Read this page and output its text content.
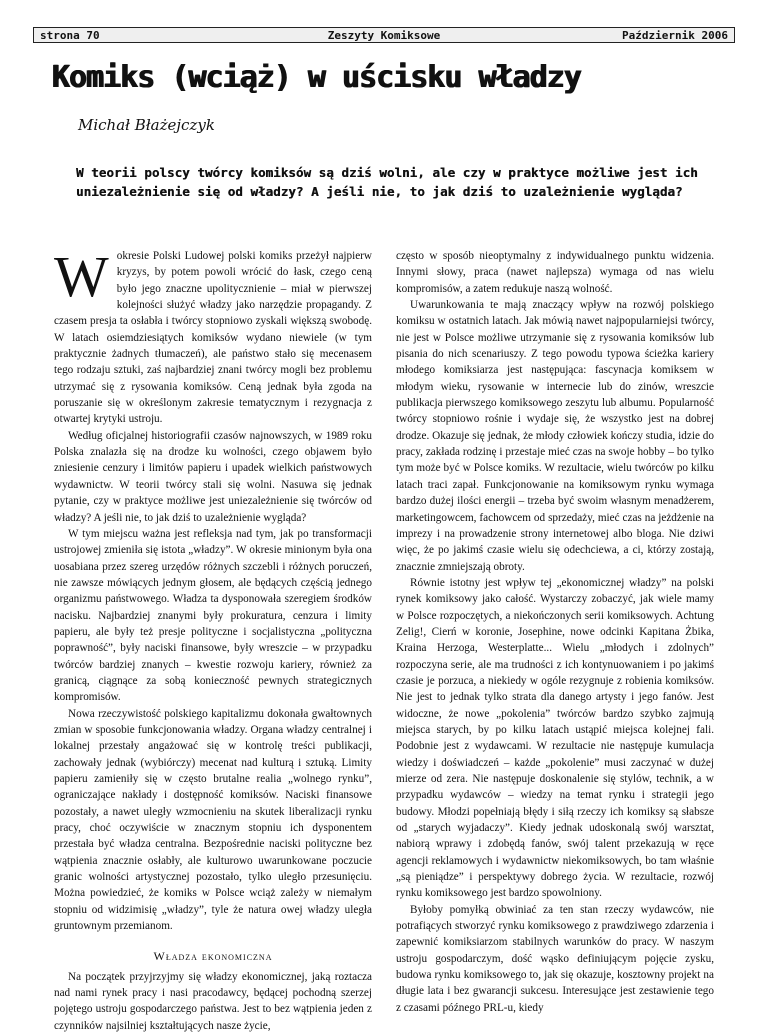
Zeszyty Komiksowe
strona 70	Październik 2006
Komiks (wciąż) w uścisku władzy
Michał Błażejczyk

W teorii polscy twórcy komiksów są dziś wolni, ale czy w praktyce możliwe jest ich uniezależnienie się od władzy? A jeśli nie, to jak dziś to uzależnienie wygląda?

Wokresie Polski Ludowej polski komiks przeżył najpierw kryzys, by potem powoli wrócić do łask, czego ceną było jego znaczne upolitycznienie – miał w pierwszej kolejności służyć władzy jako narzędzie propagandy. Z czasem presja ta osłabła i twórcy stopniowo zyskali większą swobodę. W latach osiemdziesiątych komiksów wydano niewiele (w tym praktycznie żadnych tłumaczeń), ale państwo stało się mecenasem tego rodzaju sztuki, zaś najbardziej znani twórcy mogli bez problemu utrzymać się z rysowania komiksów. Ceną jednak była zgoda na poruszanie się w określonym zakresie tematycznym i rezygnacja z otwartej krytyki ustroju.

Według oficjalnej historiografii czasów najnowszych, w 1989 roku Polska znalazła się na drodze ku wolności, czego objawem było zniesienie cenzury i limitów papieru i upadek wielkich państwowych wydawnictw. W teorii twórcy stali się wolni. Nasuwa się jednak pytanie, czy w praktyce możliwe jest uniezależnienie się twórców od władzy? A jeśli nie, to jak dziś to uzależnienie wygląda?

W tym miejscu ważna jest refleksja nad tym, jak po transformacji ustrojowej zmieniła się istota „władzy”. W okresie minionym była ona uosabiana przez szereg urzędów różnych szczebli i różnych poruczeń, nie zawsze mówiących jednym głosem, ale będących częścią jednego organizmu państwowego. Władza ta dysponowała szeregiem środków nacisku. Najbardziej znanymi były prokuratura, cenzura i limity papieru, ale były też presje polityczne i socjalistyczna „polityczna poprawność”, były naciski finansowe, były wreszcie – w przypadku twórców bardziej znanych – kwestie rozwoju kariery, również za granicą, ciągnące za sobą konieczność pewnych strategicznych kompromisów.

Nowa rzeczywistość polskiego kapitalizmu dokonała gwałtownych zmian w sposobie funkcjonowania władzy. Organa władzy centralnej i lokalnej przestały angażować się w kontrolę treści publikacji, zachowały jednak (wybiórczy) mecenat nad kulturą i sztuką. Limity papieru zamieniły się w często brutalne realia „wolnego rynku”, ograniczające nakłady i dostępność komiksów. Naciski finansowe pozostały, a nawet uległy wzmocnieniu na skutek liberalizacji rynku pracy, choć oczywiście w znacznym stopniu ich dysponentem przestała być władza centralna. Bezpośrednie naciski polityczne bez wątpienia znacznie osłabły, ale kulturowo uwarunkowane poczucie granic wolności artystycznej pozostało, tylko uległo przesunięciu. Można powiedzieć, że komiks w Polsce wciąż zależy w niemałym stopniu od widzimisię „władzy”, tyle że natura owej władzy uległa gruntownym przemianom.

Władza ekonomiczna

Na początek przyjrzyjmy się władzy ekonomicznej, jaką roztacza nad nami rynek pracy i nasi pracodawcy, będącej pochodną szerzej pojętego ustroju gospodarczego państwa. Jest to bez wątpienia jeden z czynników najsilniej kształtujących nasze życie,

często w sposób nieoptymalny z indywidualnego punktu widzenia. Innymi słowy, praca (nawet najlepsza) wymaga od nas wielu kompromisów, a zatem redukuje naszą wolność.

Uwarunkowania te mają znaczący wpływ na rozwój polskiego komiksu w ostatnich latach. Jak mówią nawet najpopularniejsi twórcy, nie jest w Polsce możliwe utrzymanie się z rysowania komiksów lub pisania do nich scenariuszy. Z tego powodu typowa ścieżka kariery młodego komiksiarza jest następująca: fascynacja komiksem w młodym wieku, rysowanie w internecie lub do zinów, wreszcie publikacja pierwszego komiksowego zeszytu lub albumu. Popularność twórcy stopniowo rośnie i wydaje się, że wszystko jest na dobrej drodze. Okazuje się jednak, że młody człowiek kończy studia, idzie do pracy, zakłada rodzinę i przestaje mieć czas na swoje hobby – bo tylko tym może być w Polsce komiks. W rezultacie, wielu twórców po kilku latach traci zapał. Funkcjonowanie na komiksowym rynku wymaga bardzo dużej ilości energii – trzeba być swoim własnym menadżerem, marketingowcem, fachowcem od sprzedaży, mieć czas na jeżdżenie na imprezy i na prowadzenie strony internetowej albo bloga. Nie dziwi więc, że po jakimś czasie wielu się odechciewa, a ci, którzy zostają, znacznie zmniejszają obroty.

Równie istotny jest wpływ tej „ekonomicznej władzy” na polski rynek komiksowy jako całość. Wystarczy zobaczyć, jak wiele mamy w Polsce rozpoczętych, a niekończonych serii komiksowych. Achtung Zelig!, Cierń w koronie, Josephine, nowe odcinki Kapitana Żbika, Kraina Herzoga, Westerplatte... Wielu „młodych i zdolnych” rozpoczyna serie, ale ma trudności z ich kontynuowaniem i po jakimś czasie je porzuca, a niekiedy w ogóle rezygnuje z robienia komiksów. Nie jest to jednak tylko strata dla danego artysty i jego fanów. Jest widoczne, że nowe „pokolenia” twórców bardzo szybko zajmują miejsca starych, by po kilku latach ustąpić miejsca kolejnej fali. Podobnie jest z wydawcami. W rezultacie nie następuje kumulacja wiedzy i doświadczeń – każde „pokolenie” musi zaczynać w dużej mierze od zera. Nie następuje doskonalenie się stylów, technik, a w przypadku wydawców – wiedzy na temat rynku i strategii jego budowy. Młodzi popełniają błędy i siłą rzeczy ich komiksy są słabsze od „starych wyjadaczy”. Kiedy jednak udoskonalą swój warsztat, nabiorą wprawy i zdobędą fanów, swój talent przekazują w ręce agencji reklamowych i wydawnictw niekomiksowych, bo tam właśnie „są pieniądze” i perspektywy dobrego życia. W rezultacie, rozwój rynku komiksowego jest bardzo spowolniony.

Byłoby pomyłką obwiniać za ten stan rzeczy wydawców, nie potrafiących stworzyć rynku komiksowego z prawdziwego zdarzenia i zapewnić komiksiarzom stabilnych warunków do pracy. W naszym ustroju gospodarczym, dość wąsko definiującym pojęcie zysku, budowa rynku komiksowego to, jak się okazuje, kosztowny projekt na długie lata i bez gwarancji sukcesu. Interesujące jest zestawienie tego z czasami późnego PRL-u, kiedy
